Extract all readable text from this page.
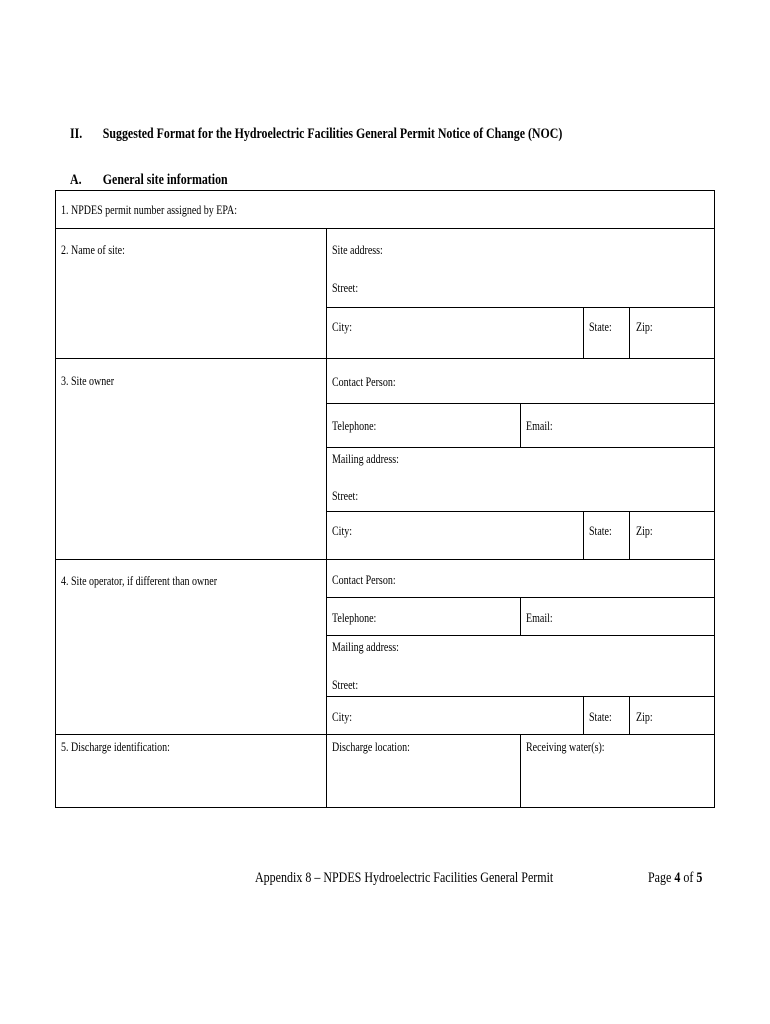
II. Suggested Format for the Hydroelectric Facilities General Permit Notice of Change (NOC)
A. General site information
1. NPDES permit number assigned by EPA:
2. Name of site:	Site address:
Street:
City:	State: Zip:
3. Site owner	Contact Person:
Telephone:	Email:
Mailing address:
Street:
City:	State: Zip:
4. Site operator, if different than owner	Contact Person:
Telephone:	Email:
Mailing address:
Street:
City:	State: Zip:
5. Discharge identification:	Discharge location:	Receiving water(s):
Appendix 8 – NPDES Hydroelectric Facilities General Permit	Page 4 of 5
